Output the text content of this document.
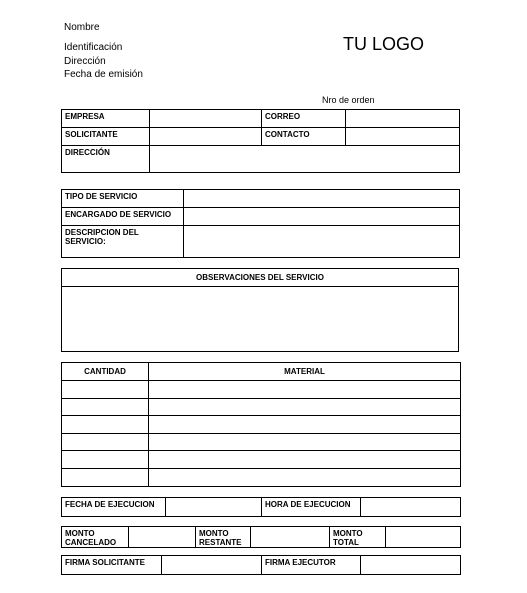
Nombre
Identificación
Dirección
Fecha de emisión
TU LOGO
Nro de orden
EMPRESA		CORREO	
SOLICITANTE		CONTACTO	
DIRECCIÓN			
TIPO DE SERVICIO	
ENCARGADO DE SERVICIO	
DESCRIPCION DEL SERVICIO:	
OBSERVACIONES DEL SERVICIO

CANTIDAD	MATERIAL

FECHA DE EJECUCION		HORA DE EJECUCION	
MONTO CANCELADO		MONTO RESTANTE		MONTO TOTAL	
FIRMA SOLICITANTE		FIRMA EJECUTOR	
